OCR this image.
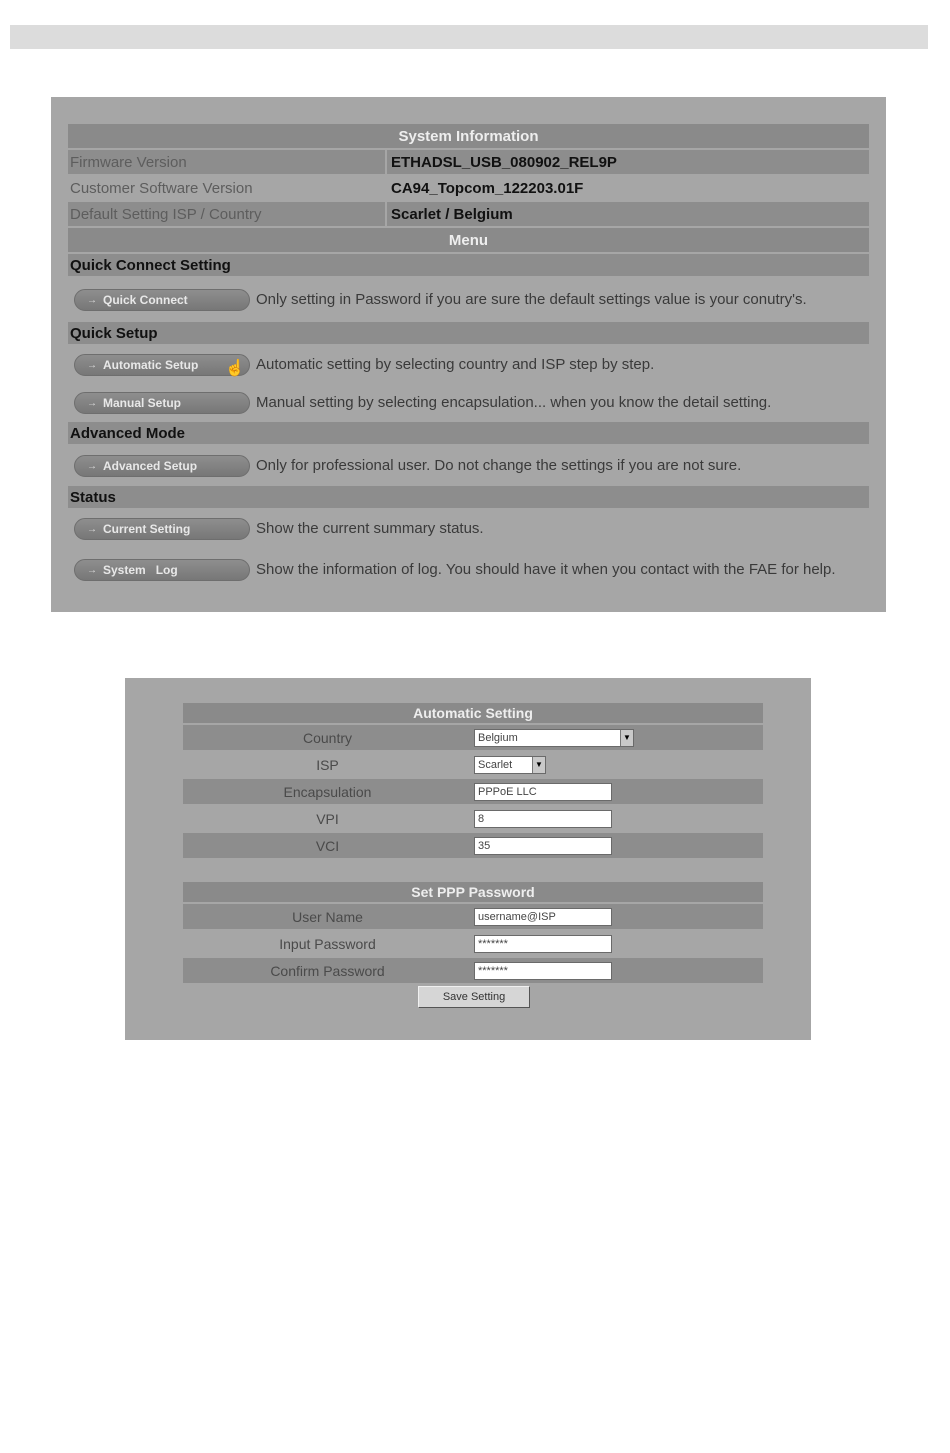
System Information
Firmware Version	ETHADSL_USB_080902_REL9P
Customer Software Version	CA94_Topcom_122203.01F
Default Setting ISP / Country	Scarlet / Belgium
Menu
Quick Connect Setting
→ Quick Connect	Only setting in Password if you are sure the default settings value is your conutry's.
Quick Setup
→ Automatic Setup ☝ Automatic setting by selecting country and ISP step by step.
→ Manual Setup	Manual setting by selecting encapsulation... when you know the detail setting.
Advanced Mode
→ Advanced Setup	Only for professional user. Do not change the settings if you are not sure.
Status
→ Current Setting	Show the current summary status.
→ System   Log	Show the information of log. You should have it when you contact with the FAE for help.
Automatic Setting
Country	Belgium	▼
ISP	Scarlet	▼
Encapsulation	PPPoE LLC
VPI	8
VCI	35
Set PPP Password
User Name	username@ISP
Input Password	*******
Confirm Password	*******
Save Setting
